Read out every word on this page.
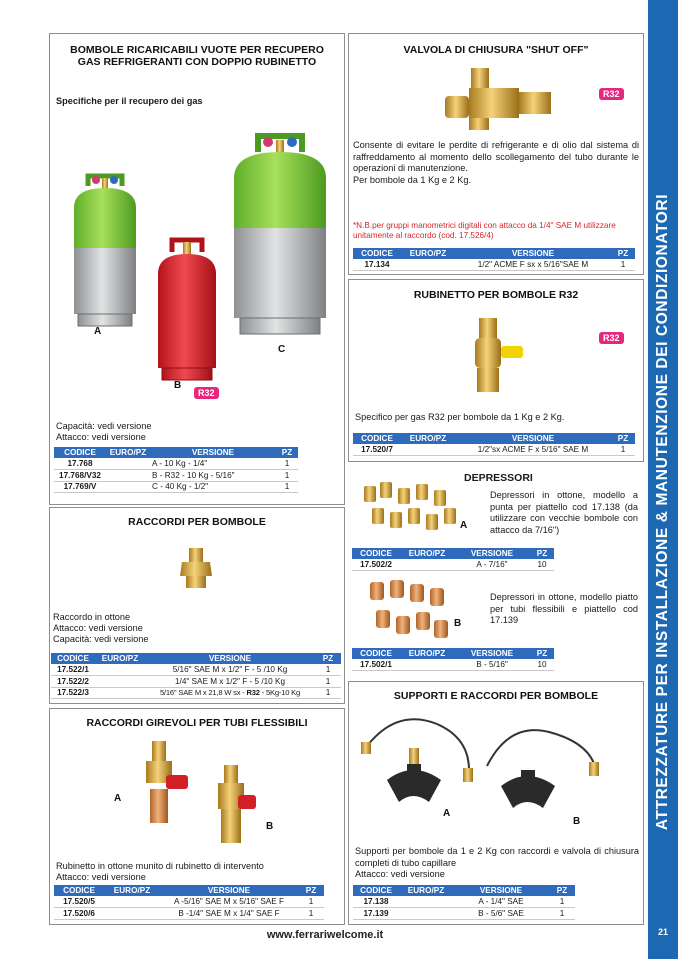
ATTREZZATURE PER INSTALLAZIONE & MANUTENZIONE DEI CONDIZIONATORI
21
BOMBOLE RICARICABILI VUOTE PER RECUPERO
GAS REFRIGERANTI CON DOPPIO RUBINETTO
Specifiche per il recupero dei gas
A
B
C
R32
Capacità: vedi versione
Attacco: vedi versione
CODICE	EURO/PZ	VERSIONE	PZ
17.768		A - 10 Kg - 1/4"	1
17.768/V32		B - R32 - 10 Kg - 5/16"	1
17.769/V		C - 40 Kg - 1/2"	1
RACCORDI PER BOMBOLE
Raccordo in ottone
Attacco: vedi versione
Capacità: vedi versione
CODICE	EURO/PZ	VERSIONE	PZ
17.522/1		5/16" SAE M x 1/2" F - 5 /10 Kg	1
17.522/2		1/4" SAE M x 1/2" F - 5 /10 Kg	1
17.522/3		5/16" SAE M x 21,8 W sx - R32 - 5Kg-10 Kg	1
RACCORDI GIREVOLI PER TUBI FLESSIBILI
A
B
Rubinetto in ottone munito di rubinetto di intervento
Attacco: vedi versione
CODICE	EURO/PZ	VERSIONE	PZ
17.520/5		A -5/16" SAE M x 5/16" SAE F	1
17.520/6		B -1/4" SAE M x 1/4" SAE F	1
VALVOLA DI CHIUSURA "SHUT OFF"
R32
Consente di evitare le perdite di refrigerante e di olio dal sistema di raffreddamento al momento dello scollegamento del tubo durante le operazioni di manutenzione.
Per bombole da 1 Kg e 2 Kg.
*N.B.per gruppi manometrici digitali con attacco da 1/4" SAE M utilizzare unitamente al raccordo (cod. 17.526/4)
CODICE	EURO/PZ	VERSIONE	PZ
17.134		1/2" ACME F sx x 5/16"SAE M	1
RUBINETTO PER BOMBOLE R32
R32
Specifico per gas R32 per bombole da 1 Kg e 2 Kg.
CODICE	EURO/PZ	VERSIONE	PZ
17.520/7		1/2"sx ACME F x 5/16" SAE M	1
DEPRESSORI
A
Depressori in ottone, modello a punta per piattello cod 17.138 (da utilizzare con vecchie bombole con attacco da 7/16")
CODICE	EURO/PZ	VERSIONE	PZ
17.502/2		A - 7/16"	10
B
Depressori in ottone, modello piatto per tubi flessibili e piattello cod 17.139
CODICE	EURO/PZ	VERSIONE	PZ
17.502/1		B - 5/16"	10
SUPPORTI E RACCORDI PER BOMBOLE
A
B
Supporti per bombole da 1 e 2 Kg con raccordi e valvola di chiusura completi di tubo capillare
Attacco: vedi versione
CODICE	EURO/PZ	VERSIONE	PZ
17.138		A - 1/4" SAE	1
17.139		B - 5/6" SAE	1
www.ferrariwelcome.it
